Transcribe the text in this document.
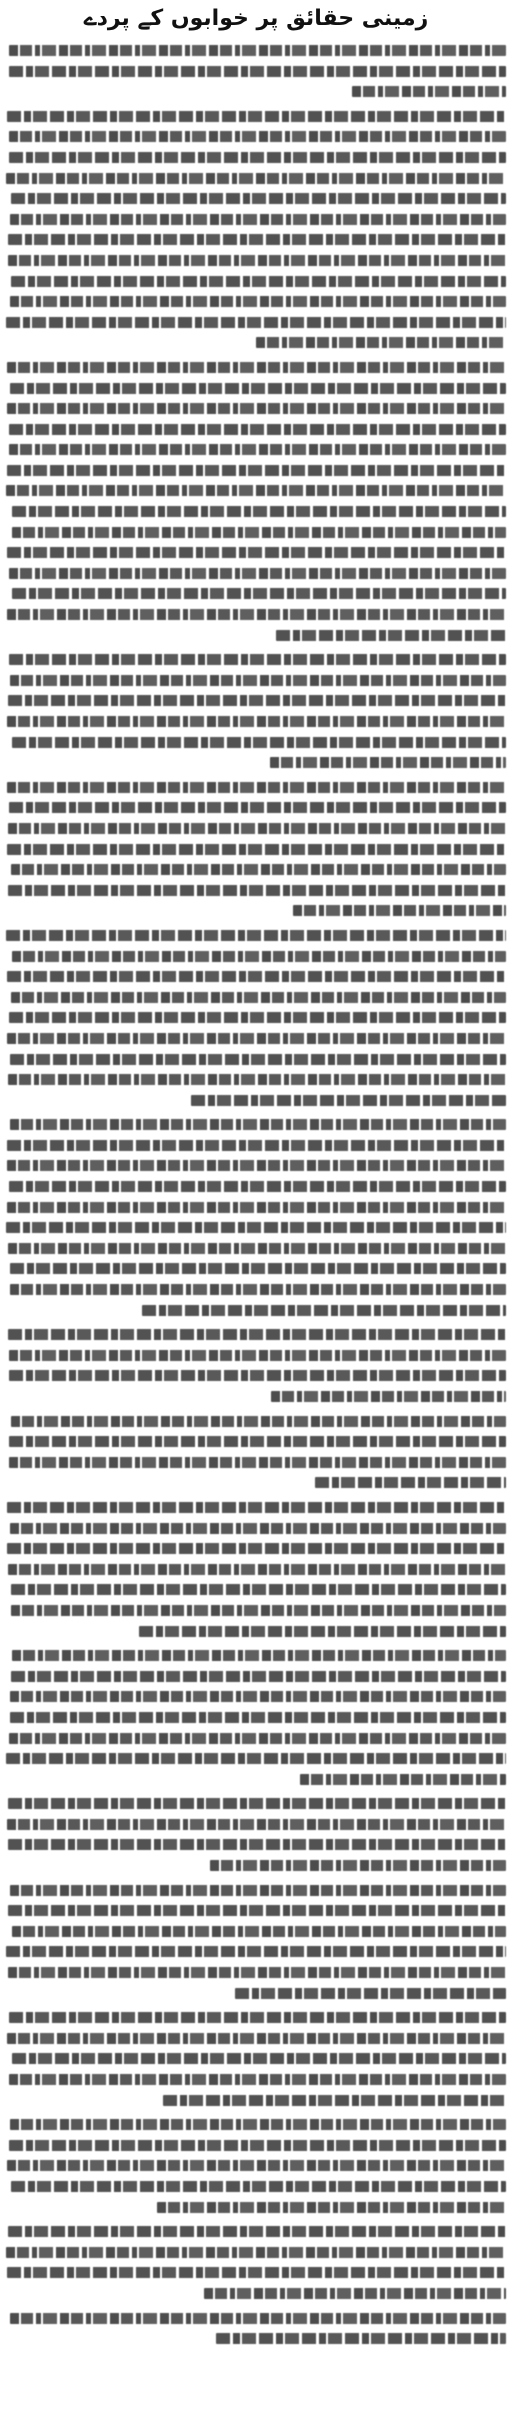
زمینی حقائق پر خوابوں کے پردے
